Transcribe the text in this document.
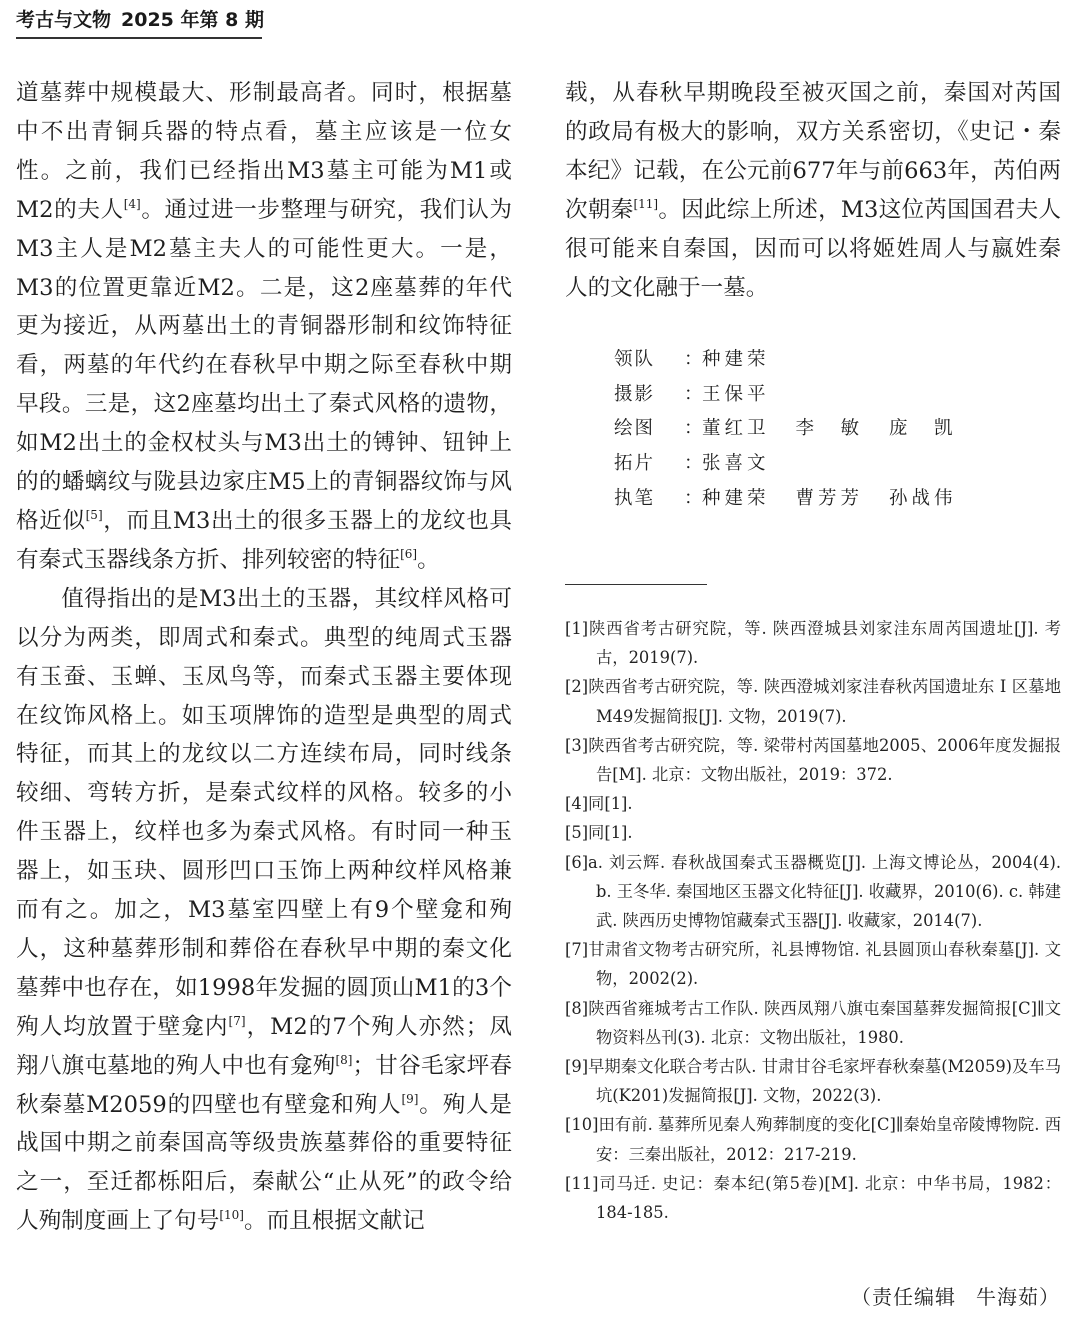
考古与文物 2025 年第 8 期

道墓葬中规模最大、形制最高者。同时，根据墓中不出青铜兵器的特点看，墓主应该是一位女性。之前，我们已经指出M3墓主可能为M1或M2的夫人[4]。通过进一步整理与研究，我们认为M3主人是M2墓主夫人的可能性更大。一是，M3的位置更靠近M2。二是，这2座墓葬的年代更为接近，从两墓出土的青铜器形制和纹饰特征看，两墓的年代约在春秋早中期之际至春秋中期早段。三是，这2座墓均出土了秦式风格的遗物，如M2出土的金权杖头与M3出土的镈钟、钮钟上的的蟠螭纹与陇县边家庄M5上的青铜器纹饰与风格近似[5]，而且M3出土的很多玉器上的龙纹也具有秦式玉器线条方折、排列较密的特征[6]。

值得指出的是M3出土的玉器，其纹样风格可以分为两类，即周式和秦式。典型的纯周式玉器有玉蚕、玉蝉、玉凤鸟等，而秦式玉器主要体现在纹饰风格上。如玉项牌饰的造型是典型的周式特征，而其上的龙纹以二方连续布局，同时线条较细、弯转方折，是秦式纹样的风格。较多的小件玉器上，纹样也多为秦式风格。有时同一种玉器上，如玉玦、圆形凹口玉饰上两种纹样风格兼而有之。加之，M3墓室四壁上有9个壁龛和殉人，这种墓葬形制和葬俗在春秋早中期的秦文化墓葬中也存在，如1998年发掘的圆顶山M1的3个殉人均放置于壁龛内[7]，M2的7个殉人亦然；凤翔八旗屯墓地的殉人中也有龛殉[8]；甘谷毛家坪春秋秦墓M2059的四壁也有壁龛和殉人[9]。殉人是战国中期之前秦国高等级贵族墓葬俗的重要特征之一，至迁都栎阳后，秦献公“止从死”的政令给人殉制度画上了句号[10]。而且根据文献记

载，从春秋早期晚段至被灭国之前，秦国对芮国的政局有极大的影响，双方关系密切，《史记・秦本纪》记载，在公元前677年与前663年，芮伯两次朝秦[11]。因此综上所述，M3这位芮国国君夫人很可能来自秦国，因而可以将姬姓周人与嬴姓秦人的文化融于一墓。

领队	： 种建荣
摄影	： 王保平
绘图	： 董红卫 李　敏 庞　凯
拓片	： 张喜文
执笔	： 种建荣 曹芳芳 孙战伟

[1]陕西省考古研究院，等. 陕西澄城县刘家洼东周芮国遗址[J]. 考古，2019(7).

[2]陕西省考古研究院，等. 陕西澄城刘家洼春秋芮国遗址东 I 区墓地M49发掘简报[J]. 文物，2019(7).

[3]陕西省考古研究院，等. 梁带村芮国墓地2005、2006年度发掘报告[M]. 北京：文物出版社，2019：372.

[4]同[1].

[5]同[1].

[6]a. 刘云辉. 春秋战国秦式玉器概览[J]. 上海文博论丛，2004(4). b. 王冬华. 秦国地区玉器文化特征[J]. 收藏界，2010(6). c. 韩建武. 陕西历史博物馆藏秦式玉器[J]. 收藏家，2014(7).

[7]甘肃省文物考古研究所，礼县博物馆. 礼县圆顶山春秋秦墓[J]. 文物，2002(2).

[8]陕西省雍城考古工作队. 陕西凤翔八旗屯秦国墓葬发掘简报[C]∥文物资料丛刊(3). 北京：文物出版社，1980.

[9]早期秦文化联合考古队. 甘肃甘谷毛家坪春秋秦墓(M2059)及车马坑(K201)发掘简报[J]. 文物，2022(3).

[10]田有前. 墓葬所见秦人殉葬制度的变化[C]∥秦始皇帝陵博物院. 西安：三秦出版社，2012：217-219.

[11]司马迁. 史记：秦本纪(第5卷)[M]. 北京：中华书局，1982：184-185.

（责任编辑 牛海茹）
